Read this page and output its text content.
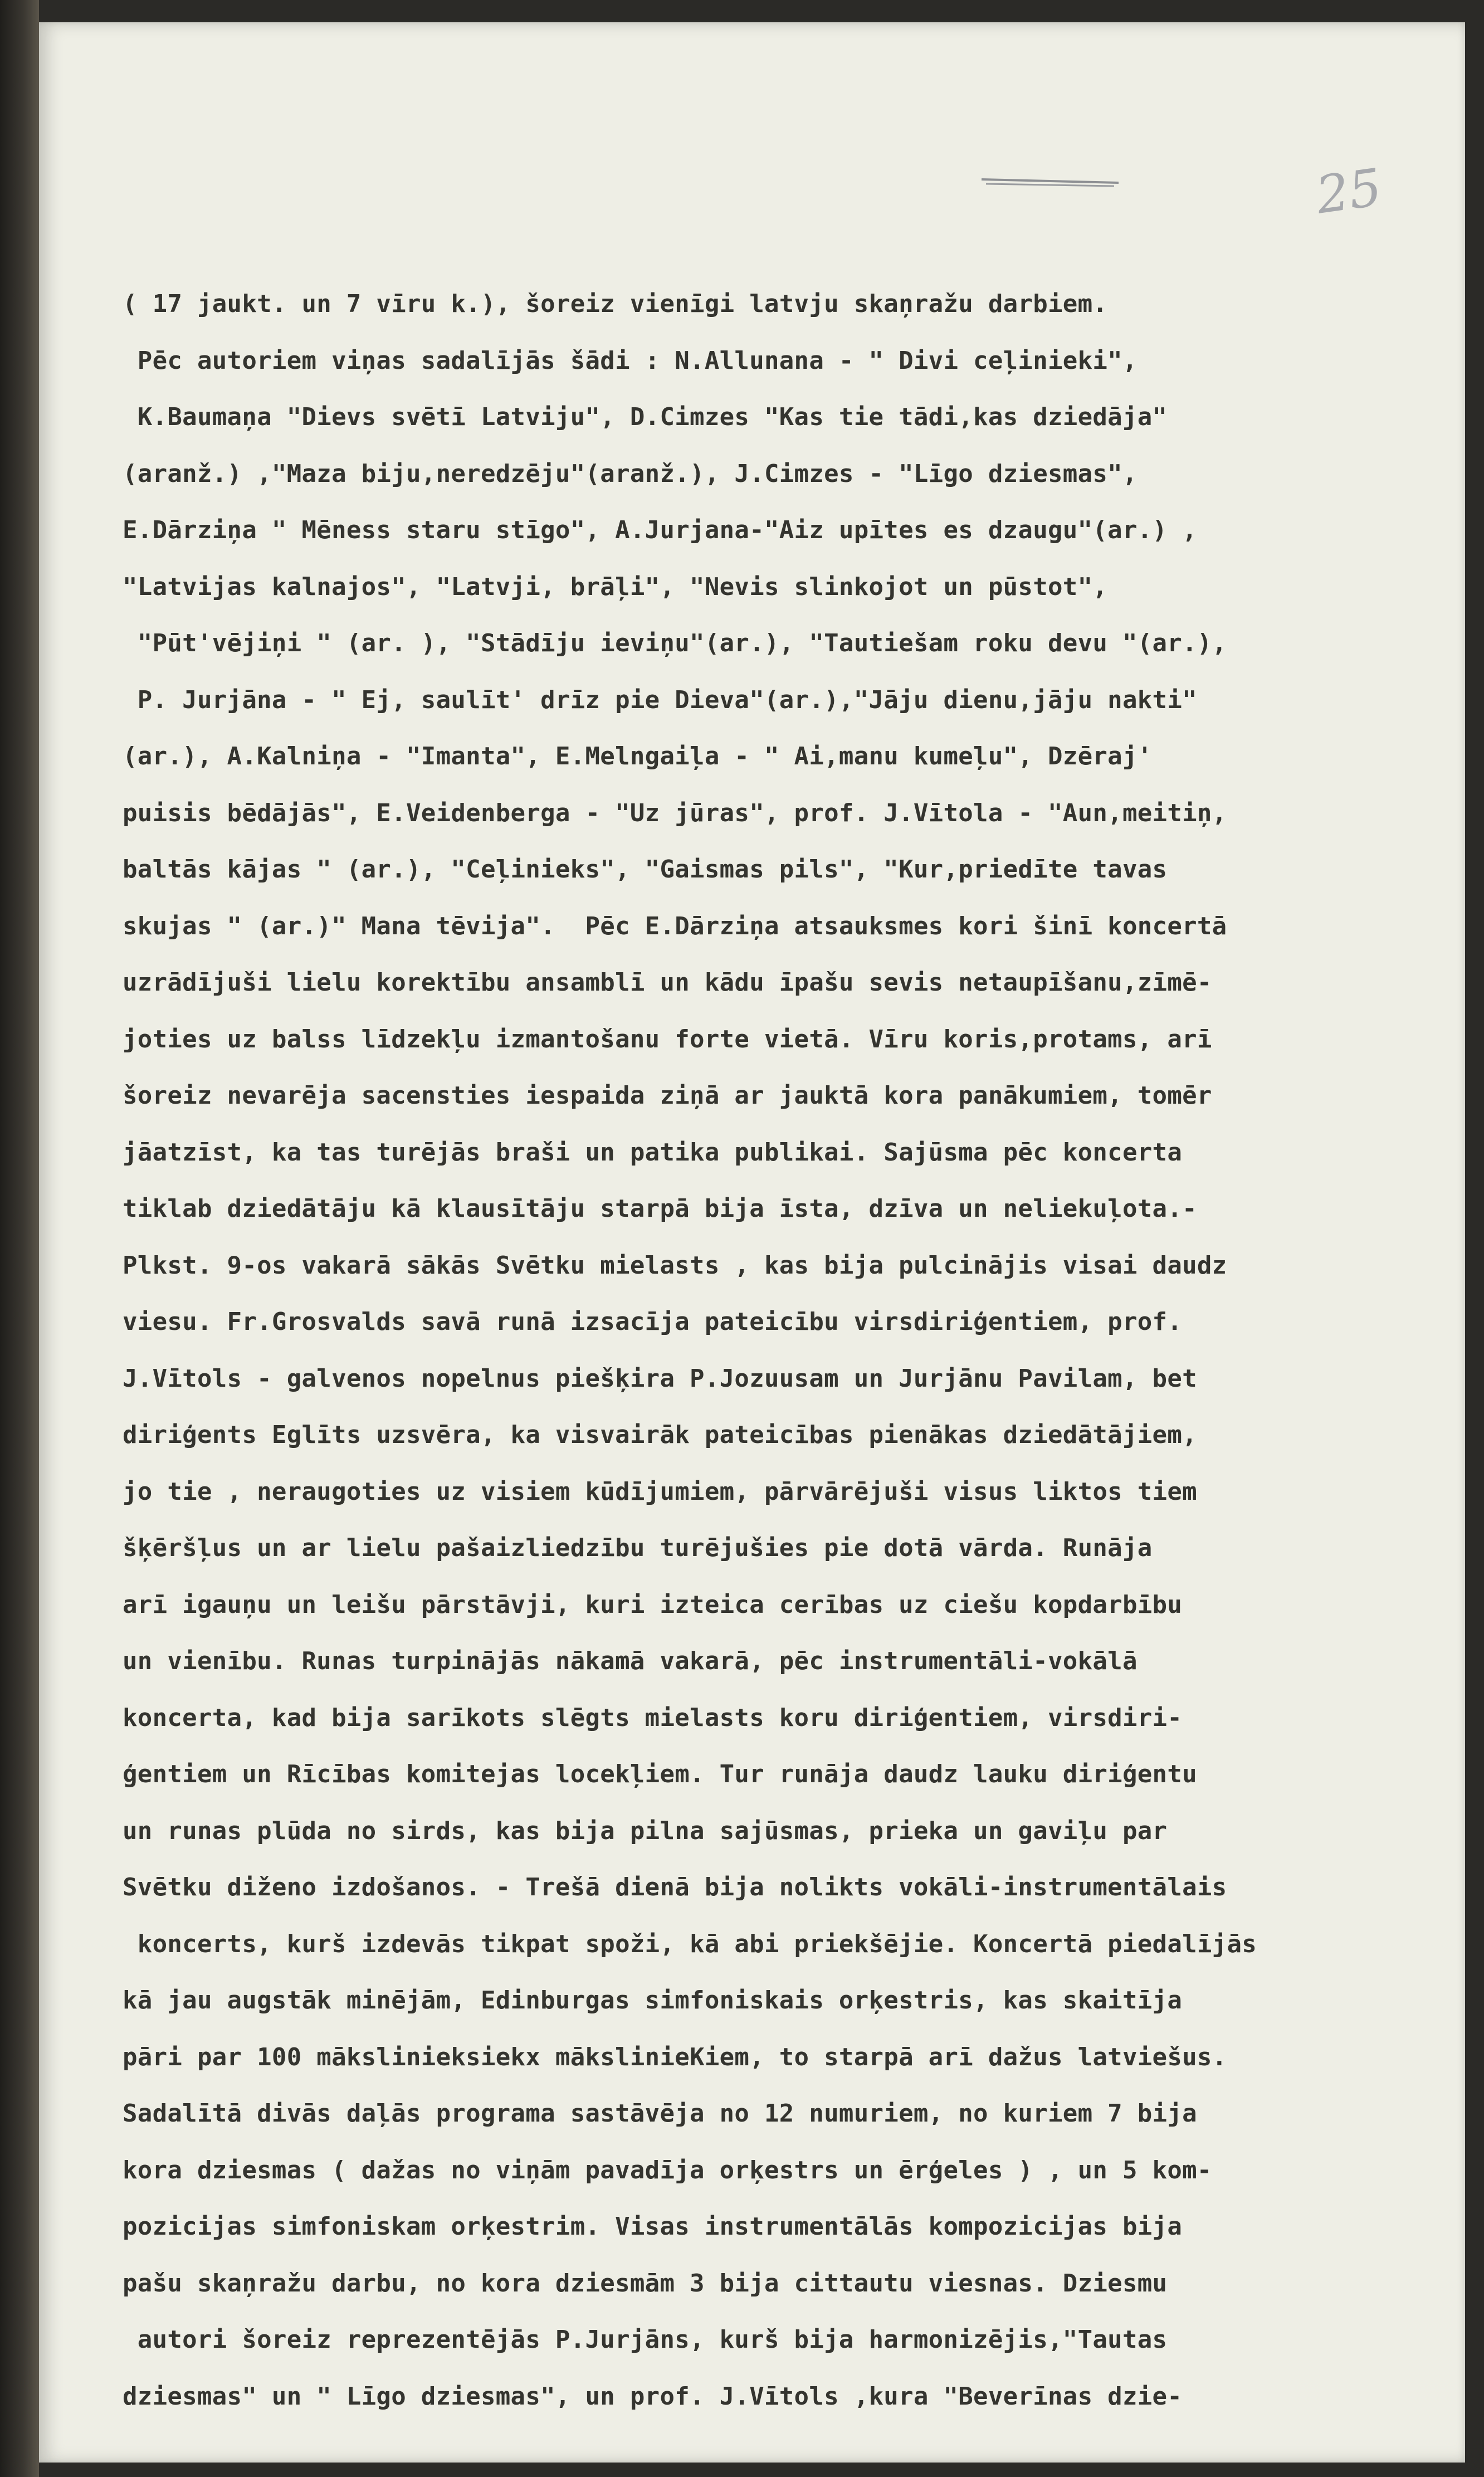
25
( 17 jaukt. un 7 vīru k.), šoreiz vienīgi latvju skaņražu darbiem.
Pēc autoriem viņas sadalījās šādi : N.Allunana - " Divi ceļinieki",
K.Baumaņa "Dievs svētī Latviju", D.Cimzes "Kas tie tādi,kas dziedāja"
(aranž.) ,"Maza biju,neredzēju"(aranž.), J.Cimzes - "Līgo dziesmas",
E.Dārziņa " Mēness staru stīgo", A.Jurjana-"Aiz upītes es dzaugu"(ar.) ,
"Latvijas kalnajos", "Latvji, brāļi", "Nevis slinkojot un pūstot",
"Pūt'vējiņi " (ar. ), "Stādīju ieviņu"(ar.), "Tautiešam roku devu "(ar.),
P. Jurjāna - " Ej, saulīt' drīz pie Dieva"(ar.),"Jāju dienu,jāju nakti"
(ar.), A.Kalniņa - "Imanta", E.Melngaiļa - " Ai,manu kumeļu", Dzēraj'
puisis bēdājās", E.Veidenberga - "Uz jūras", prof. J.Vītola - "Aun,meitiņ,
baltās kājas " (ar.), "Ceļinieks", "Gaismas pils", "Kur,priedīte tavas
skujas " (ar.)" Mana tēvija".  Pēc E.Dārziņa atsauksmes kori šinī koncertā
uzrādījuši lielu korektību ansamblī un kādu īpašu sevis netaupīšanu,zīmē-
joties uz balss līdzekļu izmantošanu forte vietā. Vīru koris,protams, arī
šoreiz nevarēja sacensties iespaida ziņā ar jauktā kora panākumiem, tomēr
jāatzīst, ka tas turējās braši un patika publikai. Sajūsma pēc koncerta
tiklab dziedātāju kā klausītāju starpā bija īsta, dzīva un neliekuļota.-
Plkst. 9-os vakarā sākās Svētku mielasts , kas bija pulcinājis visai daudz
viesu. Fr.Grosvalds savā runā izsacīja pateicību virsdiriģentiem, prof.
J.Vītols - galvenos nopelnus piešķira P.Jozuusam un Jurjānu Pavilam, bet
diriģents Eglīts uzsvēra, ka visvairāk pateicības pienākas dziedātājiem,
jo tie , neraugoties uz visiem kūdījumiem, pārvārējuši visus liktos tiem
šķēršļus un ar lielu pašaizliedzību turējušies pie dotā vārda. Runāja
arī igauņu un leišu pārstāvji, kuri izteica cerības uz ciešu kopdarbību
un vienību. Runas turpinājās nākamā vakarā, pēc instrumentāli-vokālā
koncerta, kad bija sarīkots slēgts mielasts koru diriģentiem, virsdiri-
ģentiem un Rīcības komitejas locekļiem. Tur runāja daudz lauku diriģentu
un runas plūda no sirds, kas bija pilna sajūsmas, prieka un gaviļu par
Svētku diženo izdošanos. - Trešā dienā bija nolikts vokāli-instrumentālais
koncerts, kurš izdevās tikpat spoži, kā abi priekšējie. Koncertā piedalījās
kā jau augstāk minējām, Edinburgas simfoniskais orķestris, kas skaitīja
pāri par 100 mākslinieksiekx mākslinieKiem, to starpā arī dažus latviešus.
Sadalītā divās daļās programa sastāvēja no 12 numuriem, no kuriem 7 bija
kora dziesmas ( dažas no viņām pavadīja orķestrs un ērģeles ) , un 5 kom-
pozicijas simfoniskam orķestrim. Visas instrumentālās kompozicijas bija
pašu skaņražu darbu, no kora dziesmām 3 bija cittautu viesnas. Dziesmu
autori šoreiz reprezentējās P.Jurjāns, kurš bija harmonizējis,"Tautas
dziesmas" un " Līgo dziesmas", un prof. J.Vītols ,kura "Beverīnas dzie-
